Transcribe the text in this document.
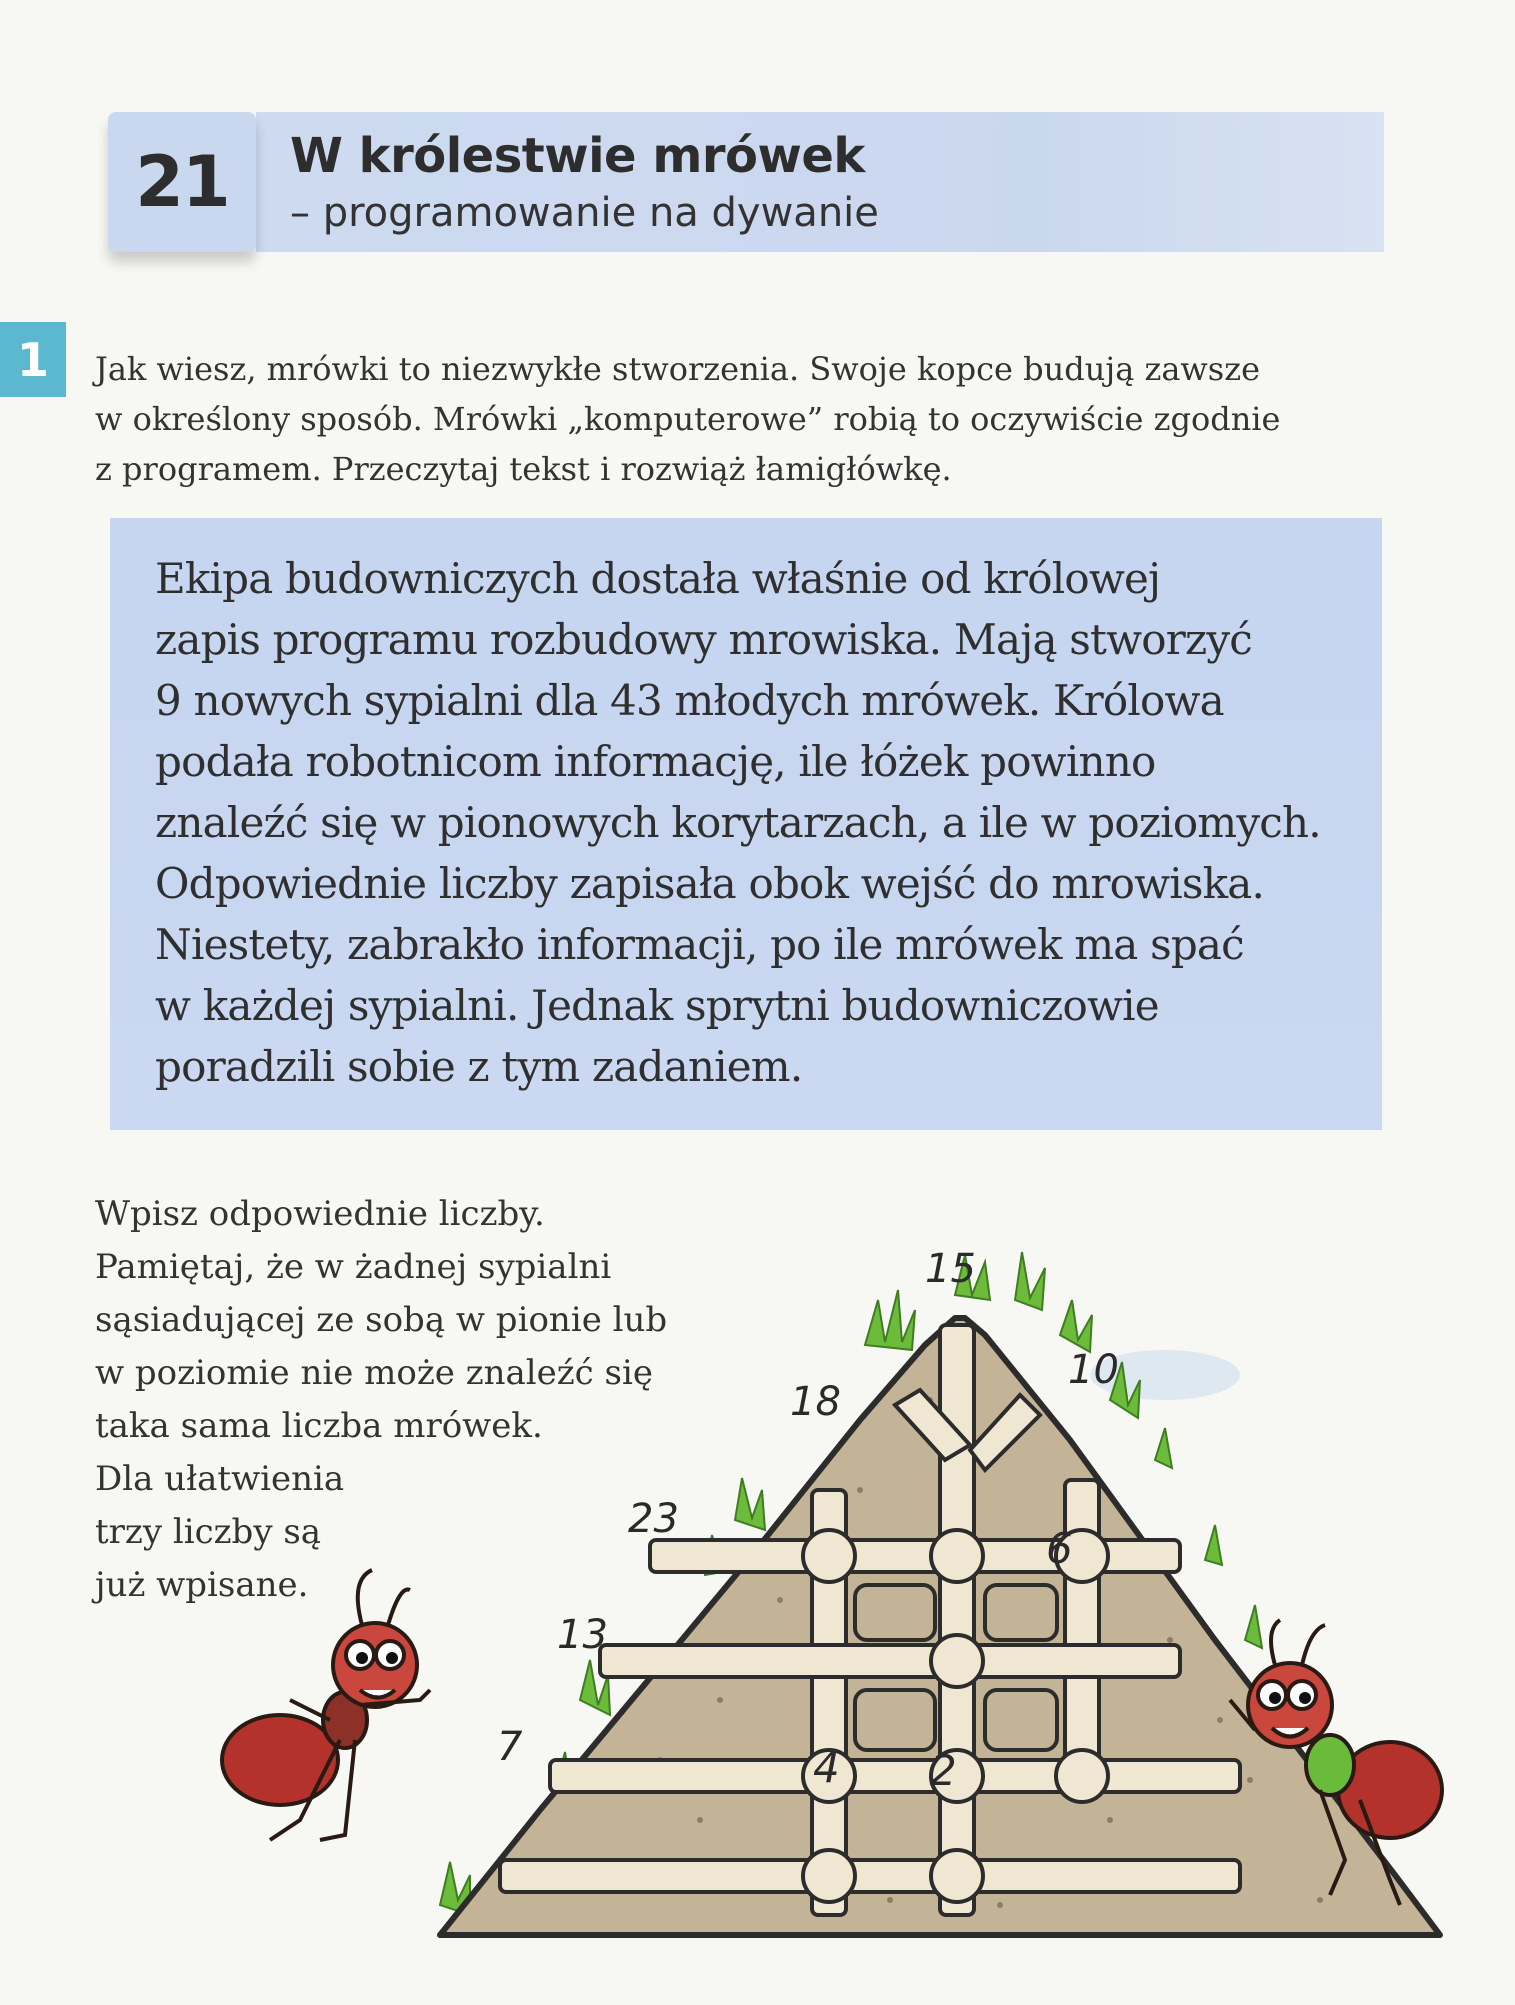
21 W królestwie mrówek
– programowanie na dywanie
1 Jak wiesz, mrówki to niezwykłe stworzenia. Swoje kopce budują zawsze

w określony sposób. Mrówki „komputerowe” robią to oczywiście zgodnie

z programem. Przeczytaj tekst i rozwiąż łamigłówkę.

Ekipa budowniczych dostała właśnie od królowej

zapis programu rozbudowy mrowiska. Mają stworzyć

9 nowych sypialni dla 43 młodych mrówek. Królowa

podała robotnicom informację, ile łóżek powinno

znaleźć się w pionowych korytarzach, a ile w poziomych.

Odpowiednie liczby zapisała obok wejść do mrowiska.

Niestety, zabrakło informacji, po ile mrówek ma spać

w każdej sypialni. Jednak sprytni budowniczowie

poradzili sobie z tym zadaniem.

Wpisz odpowiednie liczby.

Pamiętaj, że w żadnej sypialni

sąsiadującej ze sobą w pionie lub

w poziomie nie może znaleźć się

taka sama liczba mrówek.

Dla ułatwienia

trzy liczby są

już wpisane.

15
10
18
23
13
7
6
4 2
